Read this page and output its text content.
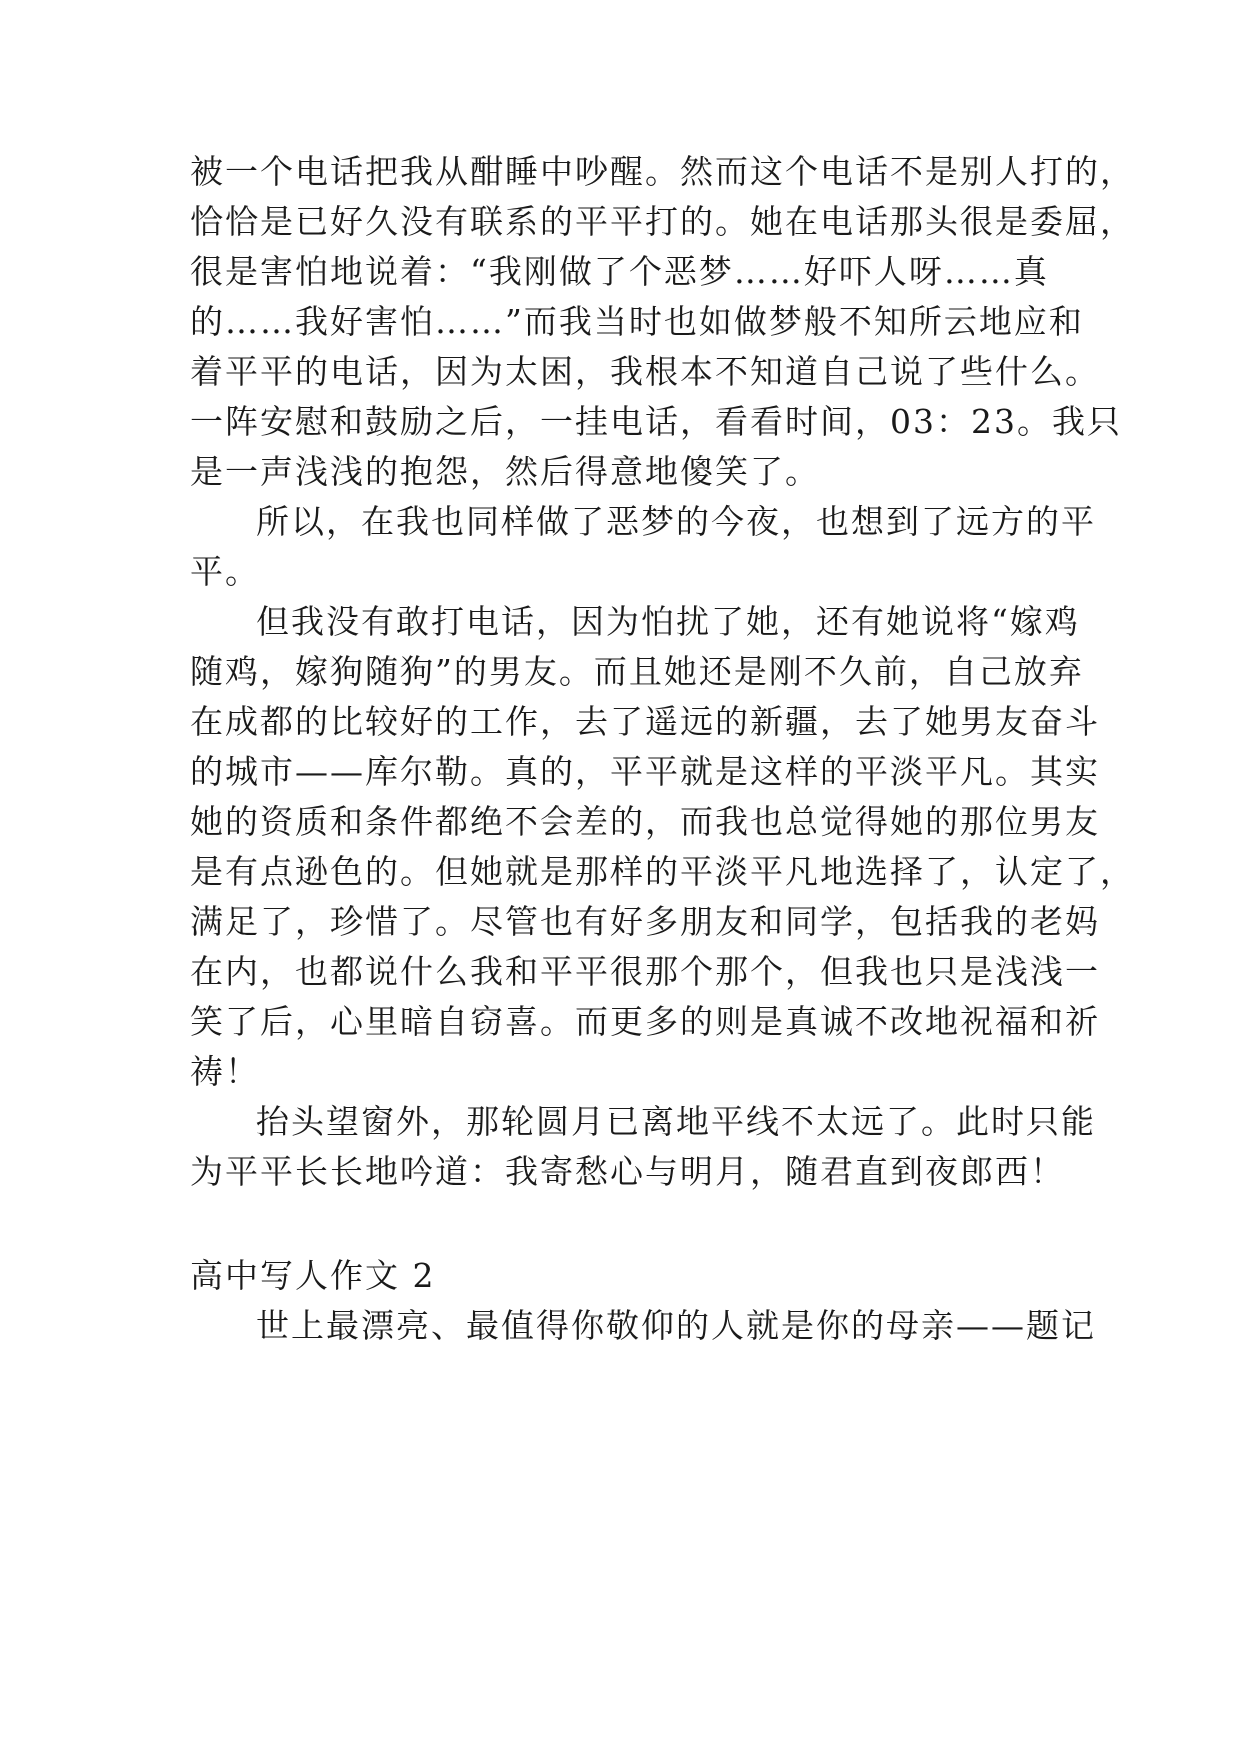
被一个电话把我从酣睡中吵醒。然而这个电话不是别人打的，
恰恰是已好久没有联系的平平打的。她在电话那头很是委屈，
很是害怕地说着：“我刚做了个恶梦……好吓人呀……真
的……我好害怕……”而我当时也如做梦般不知所云地应和
着平平的电话，因为太困，我根本不知道自己说了些什么。
一阵安慰和鼓励之后，一挂电话，看看时间，03：23。我只
是一声浅浅的抱怨，然后得意地傻笑了。
所以，在我也同样做了恶梦的今夜，也想到了远方的平
平。
但我没有敢打电话，因为怕扰了她，还有她说将“嫁鸡
随鸡，嫁狗随狗”的男友。而且她还是刚不久前，自己放弃
在成都的比较好的工作，去了遥远的新疆，去了她男友奋斗
的城市——库尔勒。真的，平平就是这样的平淡平凡。其实
她的资质和条件都绝不会差的，而我也总觉得她的那位男友
是有点逊色的。但她就是那样的平淡平凡地选择了，认定了，
满足了，珍惜了。尽管也有好多朋友和同学，包括我的老妈
在内，也都说什么我和平平很那个那个，但我也只是浅浅一
笑了后，心里暗自窃喜。而更多的则是真诚不改地祝福和祈
祷！
抬头望窗外，那轮圆月已离地平线不太远了。此时只能
为平平长长地吟道：我寄愁心与明月，随君直到夜郎西！
高中写人作文 2
世上最漂亮、最值得你敬仰的人就是你的母亲——题记
